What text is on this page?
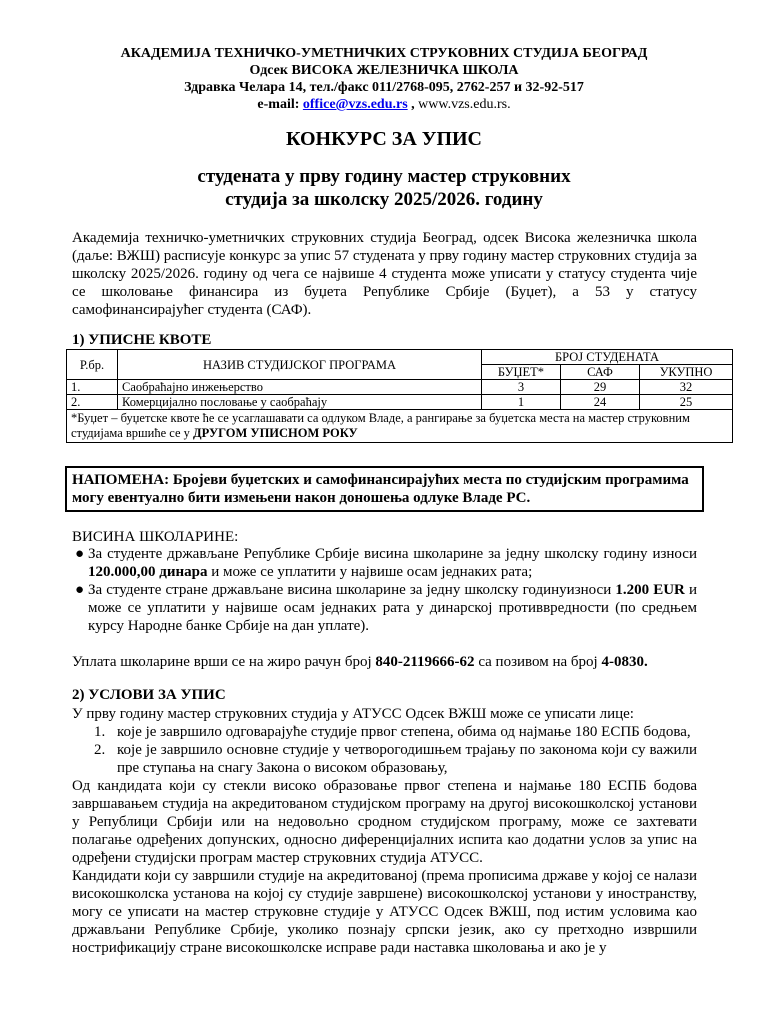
АКАДЕМИЈА ТЕХНИЧКО-УМЕТНИЧКИХ СТРУКОВНИХ СТУДИЈА БЕОГРАД
Одсек ВИСОКА ЖЕЛЕЗНИЧКА ШКОЛА
Здравка Челара 14, тел./факс 011/2768-095, 2762-257 и 32-92-517
e-mail: office@vzs.edu.rs , www.vzs.edu.rs.
КОНКУРС ЗА УПИС
студената у прву годину мастер струковних
студија за школску 2025/2026. годину
Академија техничко-уметничких струковних студија Београд, одсек Висока железничка школа (даље: ВЖШ) расписује конкурс за упис 57 студената у прву годину мастер струковних студија за школску 2025/2026. годину од чега се највише 4 студента може уписати у статусу студента чије се школовање финансира из буџета Републике Србије (Буџет), а 53 у статусу самофинансирајућег студента (САФ).
1) УПИСНЕ КВОТЕ
Р.бр.	НАЗИВ СТУДИЈСКОГ ПРОГРАМА	БРОЈ СТУДЕНАТА		
		БУЏЕТ*	САФ	УКУПНО
1.	Саобраћајно инжењерство	3	29	32
2.	Комерцијално пословање у саобраћају	1	24	25
*Буџет – буџетске квоте ће се усаглашавати са одлуком Владе, а рангирање за буџетска места на мастер струковним студијама вршиће се у ДРУГОМ УПИСНОМ РОКУ				
НАПОМЕНА: Бројеви буџетских и самофинансирајућих места по студијским програмима могу евентуално бити измењени након доношења одлуке Владе РС.
ВИСИНА ШКОЛАРИНЕ:
● За студенте држављане Републике Србије висина школарине за једну школску годину износи 120.000,00 динара и може се уплатити у највише осам једнаких рата;
● За студенте стране држављане висина школарине за једну школску годинуизноси 1.200 EUR и може се уплатити у највише осам једнаких рата у динарској противвредности (по средњем курсу Народне банке Србије на дан уплате).
Уплата школарине врши се на жиро рачун број 840-2119666-62 са позивом на број 4-0830.
2) УСЛОВИ ЗА УПИС
У прву годину мастер струковних студија у АТУСС Одсек ВЖШ може се уписати лице:
1. које је завршило одговарајуће студије првог степена, обима од најмање 180 ЕСПБ бодова,
2. које је завршило основне студије у четворогодишњем трајању по законома који су важили пре ступања на снагу Закона о високом образовању,
Од кандидата који су стекли високо образовање првог степена и најмање 180 ЕСПБ бодова завршавањем студија на акредитованом студијском програму на другој високошколској установи у Републици Србији или на недовољно сродном студијском програму, може се захтевати полагање одређених допунских, односно диференцијалних испита као додатни услов за упис на одређени студијски програм мастер струковних студија АТУСС.
Кандидати који су завршили студије на акредитованој (према прописима државе у којој се налази високошколска установа на којој су студије завршене) високошколској установи у иностранству, могу се уписати на мастер струковне студије у АТУСС Одсек ВЖШ, под истим условима као држављани Републике Србије, уколико познају српски језик, ако су претходно извршили нострификацију стране високошколске исправе ради наставка школовања и ако је у
